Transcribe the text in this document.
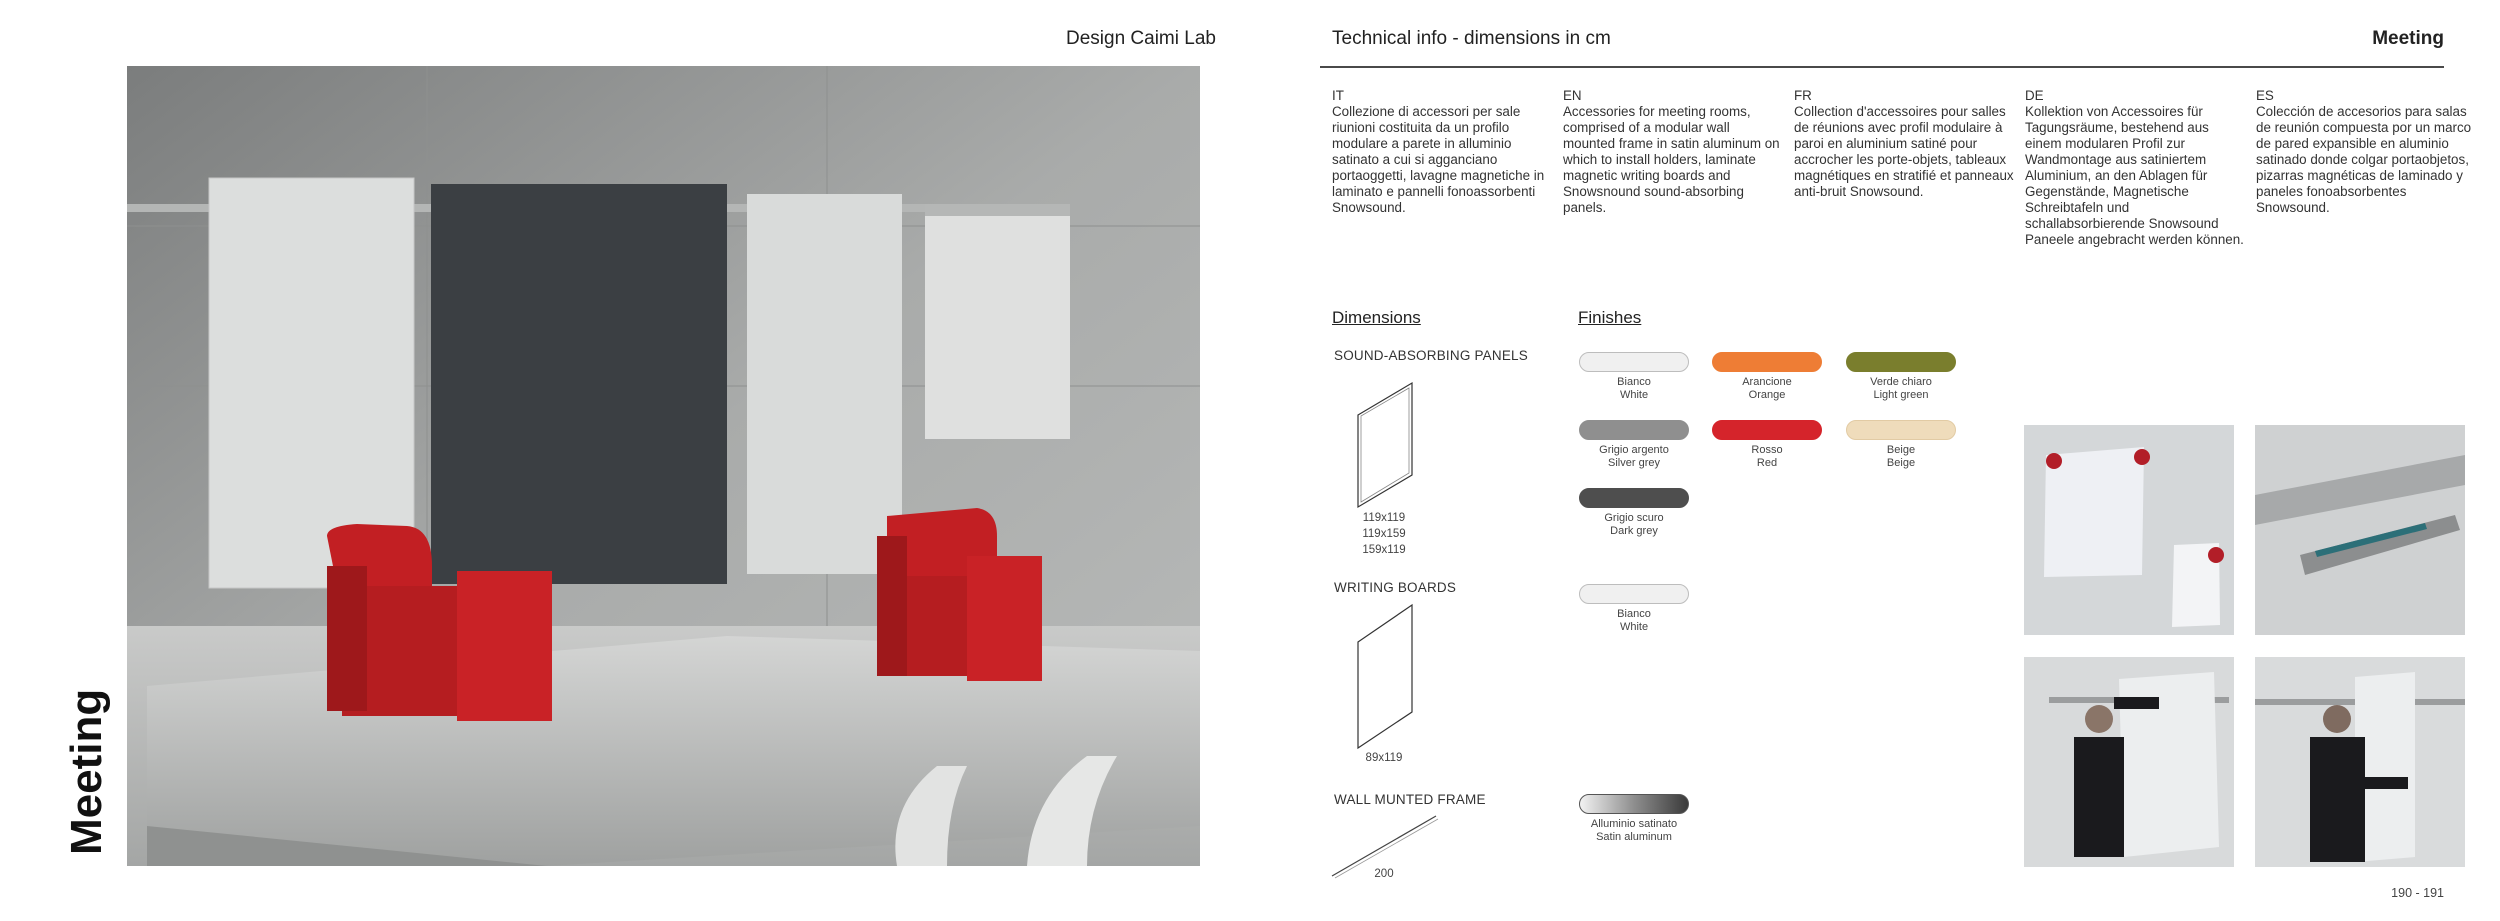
Design Caimi Lab
Meeting
Technical info - dimensions in cm	Meeting
IT
Collezione di accessori per sale riunioni costituita da un profilo modulare a parete in alluminio satinato a cui si agganciano portaoggetti, lavagne magnetiche in laminato e pannelli fonoassorbenti Snowsound.
EN
Accessories for meeting rooms, comprised of a modular wall mounted frame in satin aluminum on which to install holders, laminate magnetic writing boards and Snowsnound sound-absorbing panels.
FR
Collection d'accessoires pour salles de réunions avec profil modulaire à paroi en aluminium satiné pour accrocher les porte-objets, tableaux magnétiques en stratifié et panneaux anti-bruit Snowsound.
DE
Kollektion von Accessoires für Tagungsräume, bestehend aus einem modularen Profil zur Wandmontage aus satiniertem Aluminium, an den Ablagen für Gegenstände, Magnetische Schreibtafeln und schallabsorbierende Snowsound Paneele angebracht werden können.
ES
Colección de accesorios para salas de reunión compuesta por un marco de pared expansible en aluminio satinado donde colgar portaobjetos, pizarras magnéticas de laminado y paneles fonoabsorbentes Snowsound.
Dimensions
SOUND-ABSORBING PANELS
119x119
119x159
159x119
WRITING BOARDS
89x119
WALL MUNTED FRAME
200
Finishes
Bianco
White
Arancione
Orange
Verde chiaro
Light green
Grigio argento
Silver grey
Rosso
Red
Beige
Beige
Grigio scuro
Dark grey
Bianco
White
Alluminio satinato
Satin aluminum
190 - 191
